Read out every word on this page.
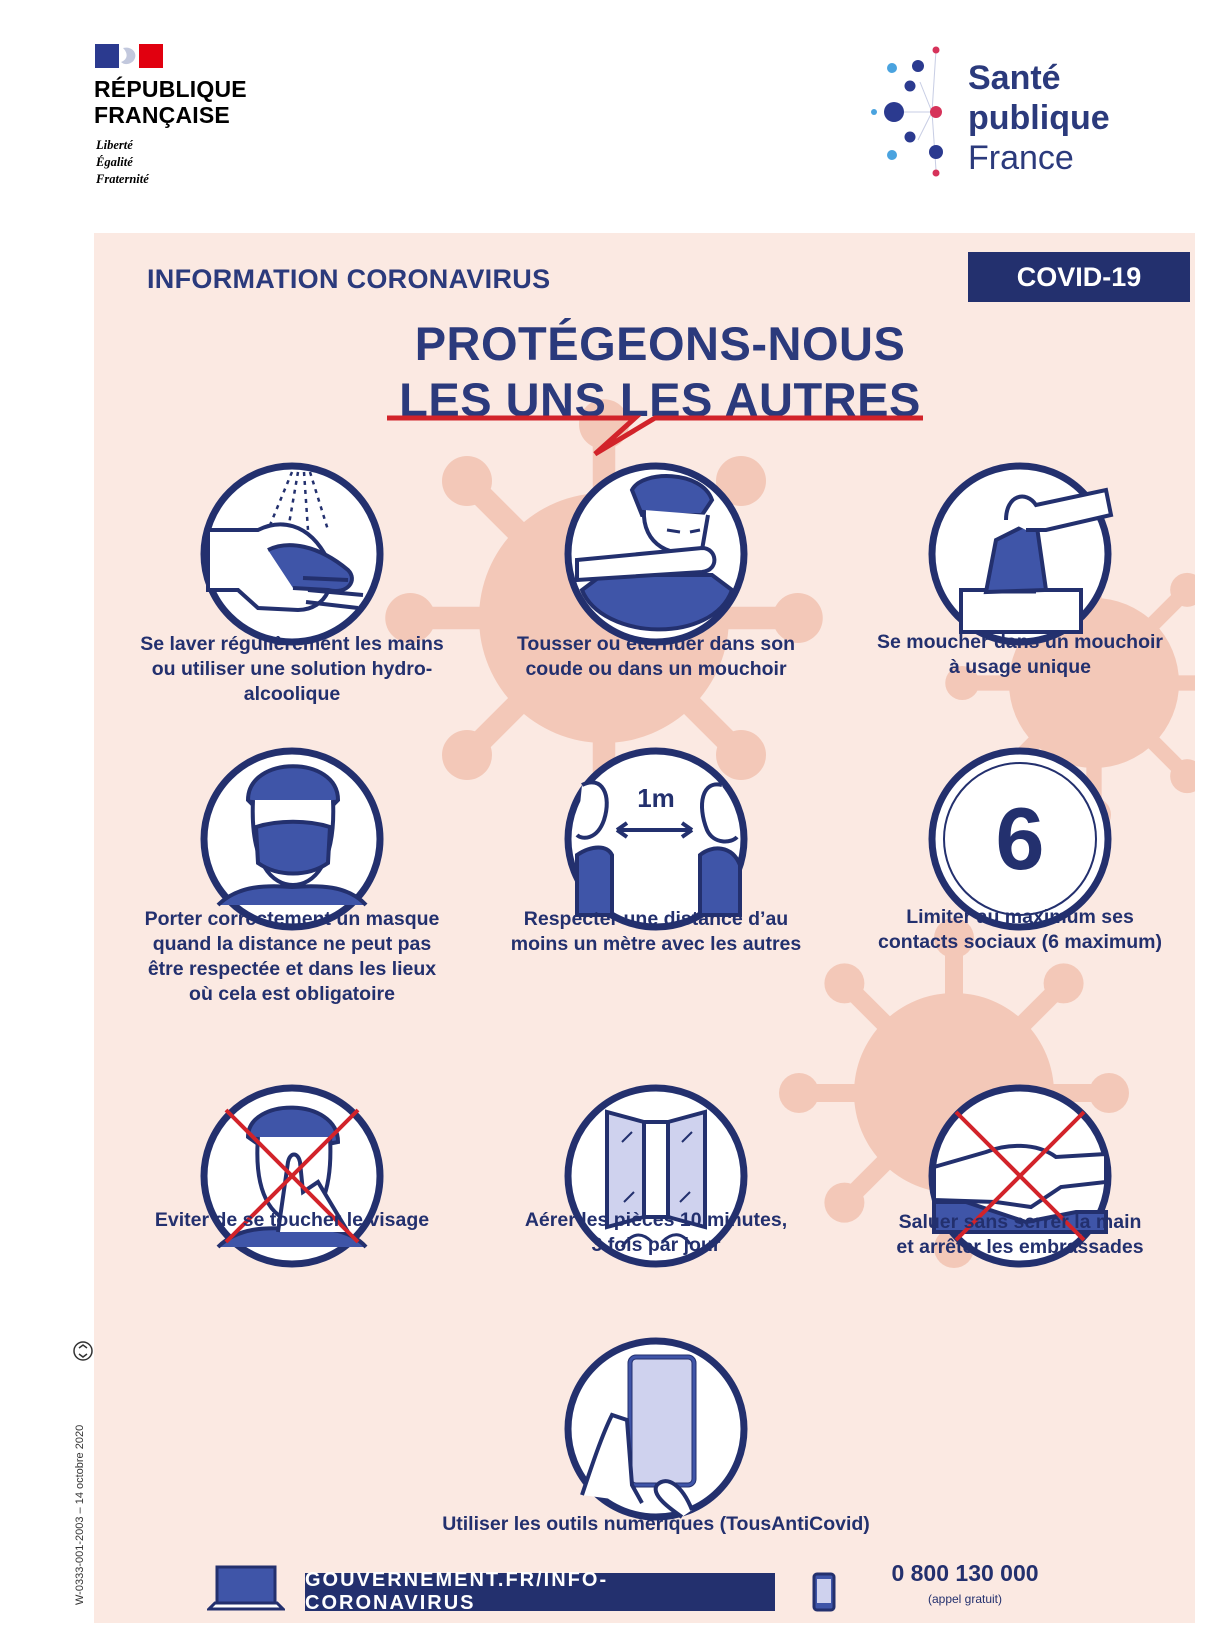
RÉPUBLIQUE
FRANÇAISE
Liberté
Égalité
Fraternité
Santé
publique
France
INFORMATION CORONAVIRUS	COVID-19
PROTÉGEONS-NOUS
LES UNS LES AUTRES
Se laver régulièrement les mains
ou utiliser une solution hydro-
alcoolique
Tousser ou éternuer dans son
coude ou dans un mouchoir
Se moucher dans un mouchoir
à usage unique
Porter correctement un masque
quand la distance ne peut pas
être respectée et dans les lieux
où cela est obligatoire
1m
Respecter une distance d’au
moins un mètre avec les autres
6
Limiter au maximum ses
contacts sociaux (6 maximum)
Eviter de se toucher le visage	Aérer les pièces 10 minutes,
3 fois par jour
Saluer sans serrer la main
et arrêter les embrassades
Utiliser les outils numériques (TousAntiCovid)
GOUVERNEMENT.FR/INFO-CORONAVIRUS
0 800 130 000
(appel gratuit)
W-0333-001-2003 – 14 octobre 2020
